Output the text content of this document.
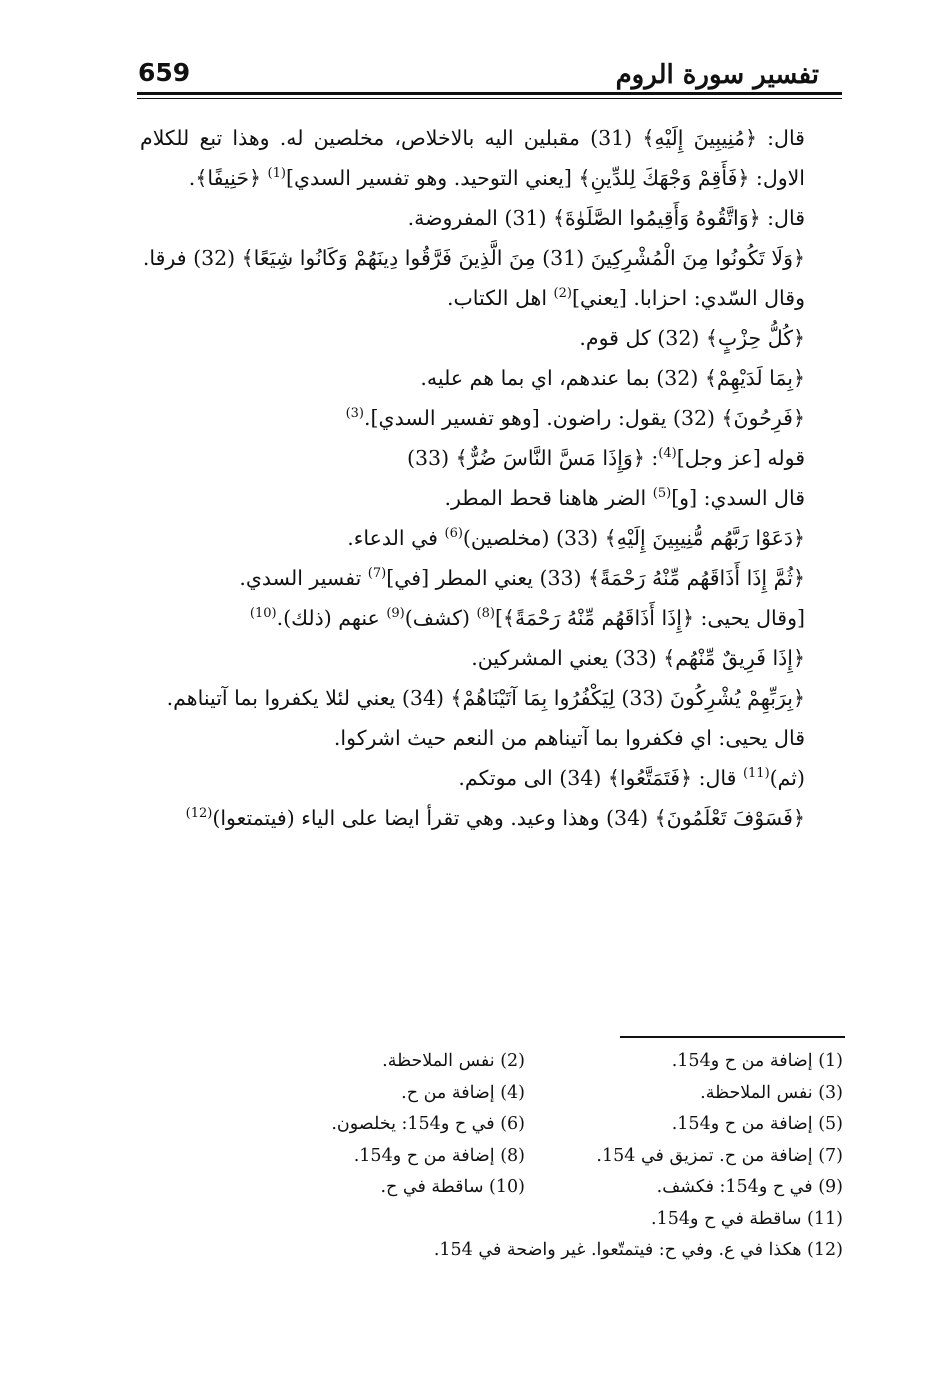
تفسير سورة الروم
659

قال: ﴿مُنِيبِينَ إِلَيْهِ﴾ (31) مقبلين اليه بالاخلاص، مخلصين له. وهذا تبع للكلام الاول: ﴿فَأَقِمْ وَجْهَكَ لِلدِّينِ﴾ [يعني التوحيد. وهو تفسير السدي]$^{(1)}$ ﴿حَنِيفًا﴾.

قال: ﴿وَاتَّقُوهُ وَأَقِيمُوا الصَّلَوٰةَ﴾ (31) المفروضة.

﴿وَلَا تَكُونُوا مِنَ الْمُشْرِكِينَ (31) مِنَ الَّذِينَ فَرَّقُوا دِينَهُمْ وَكَانُوا شِيَعًا﴾ (32) فرقا.

وقال السّدي: احزابا. [يعني]$^{(2)}$ اهل الكتاب.

﴿كُلُّ حِزْبٍ﴾ (32) كل قوم.

﴿بِمَا لَدَيْهِمْ﴾ (32) بما عندهم، اي بما هم عليه.

﴿فَرِحُونَ﴾ (32) يقول: راضون. [وهو تفسير السدي].$^{(3)}$

قوله [عز وجل]$^{(4)}$: ﴿وَإِذَا مَسَّ النَّاسَ ضُرٌّ﴾ (33)

قال السدي: [و]$^{(5)}$ الضر هاهنا قحط المطر.

﴿دَعَوْا رَبَّهُم مُّنِيبِينَ إِلَيْهِ﴾ (33) (مخلصين)$^{(6)}$ في الدعاء.

﴿ثُمَّ إِذَا أَذَاقَهُم مِّنْهُ رَحْمَةً﴾ (33) يعني المطر [في]$^{(7)}$ تفسير السدي.

[وقال يحيى: ﴿إِذَا أَذَاقَهُم مِّنْهُ رَحْمَةً﴾]$^{(8)}$ (كشف)$^{(9)}$ عنهم (ذلك).$^{(10)}$

﴿إِذَا فَرِيقٌ مِّنْهُم﴾ (33) يعني المشركين.

﴿بِرَبِّهِمْ يُشْرِكُونَ (33) لِيَكْفُرُوا بِمَا آتَيْنَاهُمْ﴾ (34) يعني لئلا يكفروا بما آتيناهم.

قال يحيى: اي فكفروا بما آتيناهم من النعم حيث اشركوا.

(ثم)$^{(11)}$ قال: ﴿فَتَمَتَّعُوا﴾ (34) الى موتكم.

﴿فَسَوْفَ تَعْلَمُونَ﴾ (34) وهذا وعيد. وهي تقرأ ايضا على الياء (فيتمتعوا)$^{(12)}$

(1) إضافة من ح و154.
(2) نفس الملاحظة.
(3) نفس الملاحظة.
(4) إضافة من ح.
(5) إضافة من ح و154.
(6) في ح و154: يخلصون.
(7) إضافة من ح. تمزيق في 154.
(8) إضافة من ح و154.
(9) في ح و154: فكشف.
(10) ساقطة في ح.
(11) ساقطة في ح و154.
(12) هكذا في ع. وفي ح: فيتمتّعوا. غير واضحة في 154.
